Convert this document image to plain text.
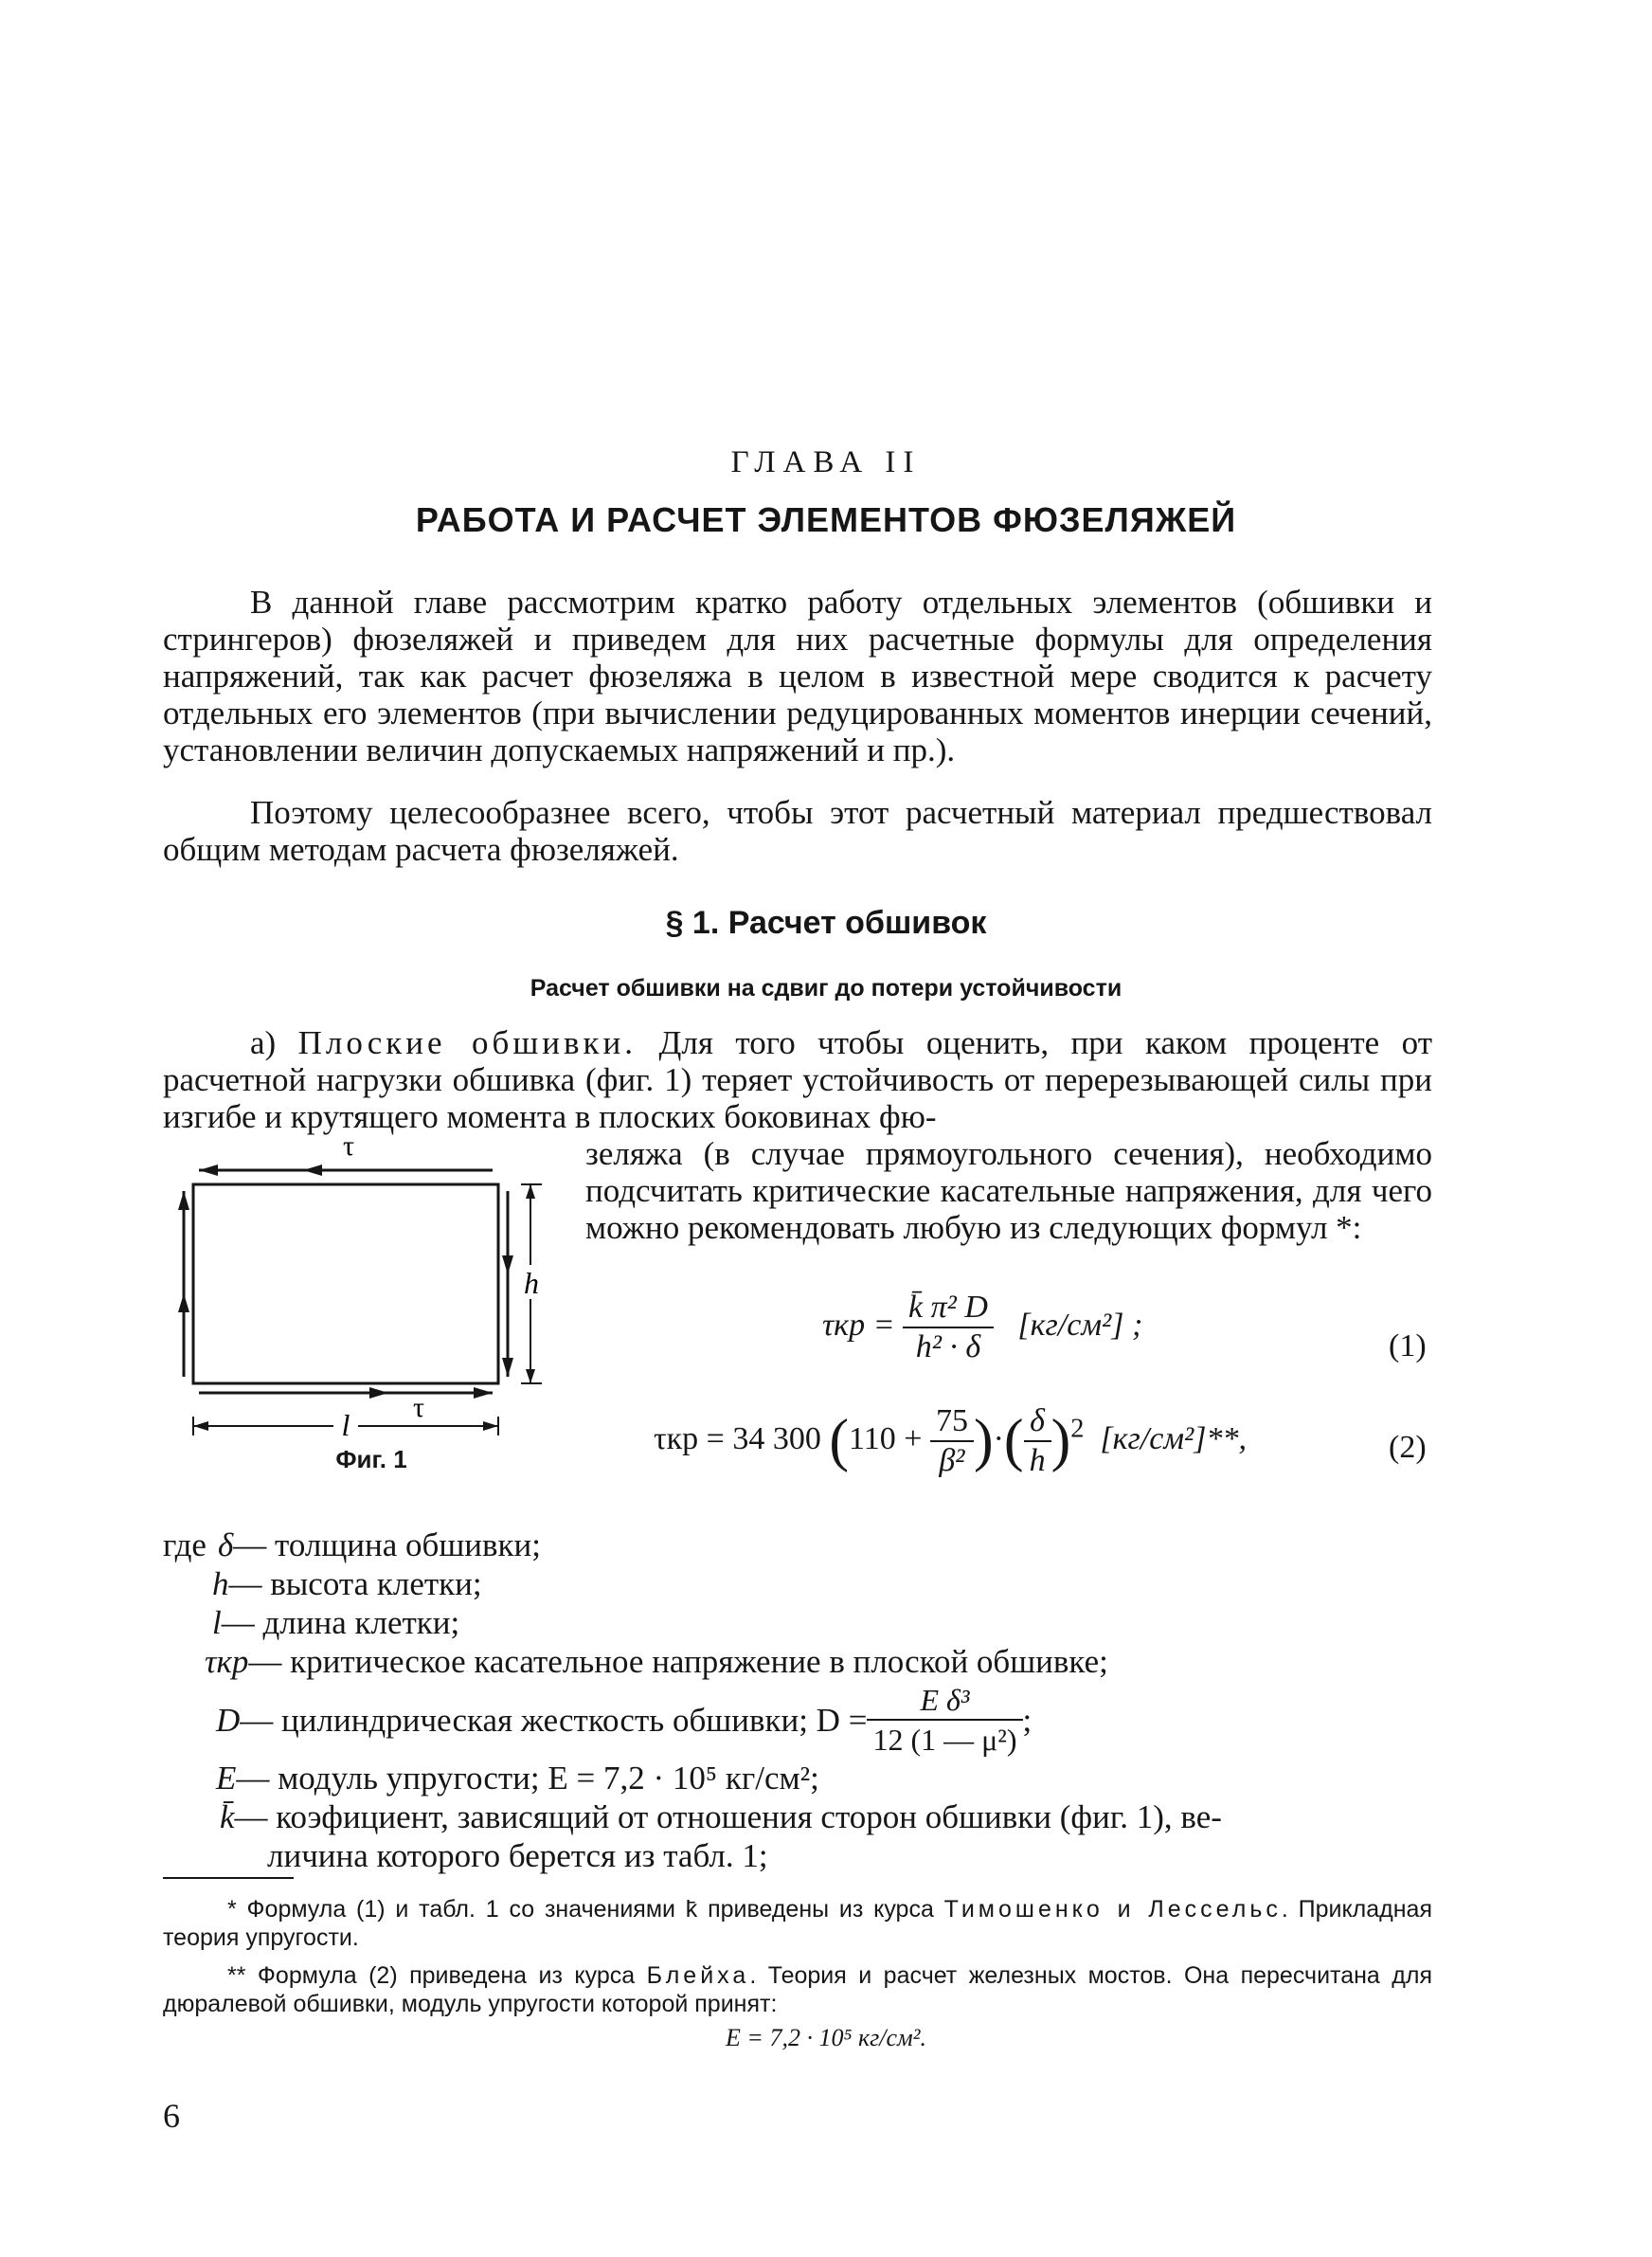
ГЛАВА II
РАБОТА И РАСЧЕТ ЭЛЕМЕНТОВ ФЮЗЕЛЯЖЕЙ

В данной главе рассмотрим кратко работу отдельных элементов (обшивки и стрингеров) фюзеляжей и приведем для них расчетные формулы для определения напряжений, так как расчет фюзеляжа в целом в известной мере сводится к расчету отдельных его элементов (при вычислении редуцированных моментов инерции сечений, установлении величин допускаемых напряжений и пр.).

Поэтому целесообразнее всего, чтобы этот расчетный материал предшествовал общим методам расчета фюзеляжей.

§ 1. Расчет обшивок
Расчет обшивки на сдвиг до потери устойчивости

а) Плоские обшивки. Для того чтобы оценить, при каком проценте от расчетной нагрузки обшивка (фиг. 1) теряет устойчивость от перерезывающей силы при изгибе и крутящего момента в плоских боковинах фю-

зеляжа (в случае прямоугольного сечения), необходимо подсчитать критические касательные напряжения, для чего можно рекомендовать любую из следующих формул *:

τ
τ
l
h
Фиг. 1
$\tau кр = \frac{\text{k̄ π² D}}{\text{h² · δ}} [кг/см^2]$ ;
(1)
τкр = 34 300 ($110 + \frac{75}{\text{β²}}$ )·( $\frac{\delta}{h} )^2$ [кг/см²]**,	(2)
где δ — толщина обшивки;
h — высота клетки;
l — длина клетки;
τкр — критическое касательное напряжение в плоской обшивке;
D — цилиндрическая жесткость обшивки; $D = \frac{\text{E δ³}}{\text{12 (1 — μ²)}}$ ;
E — модуль упругости; E = 7,2 · 10⁵ кг/см²;
k̄ — коэфициент, зависящий от отношения сторон обшивки (фиг. 1), ве-
личина которого берется из табл. 1;

* Формула (1) и табл. 1 со значениями k̄ приведены из курса Тимошенко и Лессельс. Прикладная теория упругости.

** Формула (2) приведена из курса Блейха. Теория и расчет железных мостов. Она пересчитана для дюралевой обшивки, модуль упругости которой принят:

E = 7,2 · 10⁵ кг/см².
6
